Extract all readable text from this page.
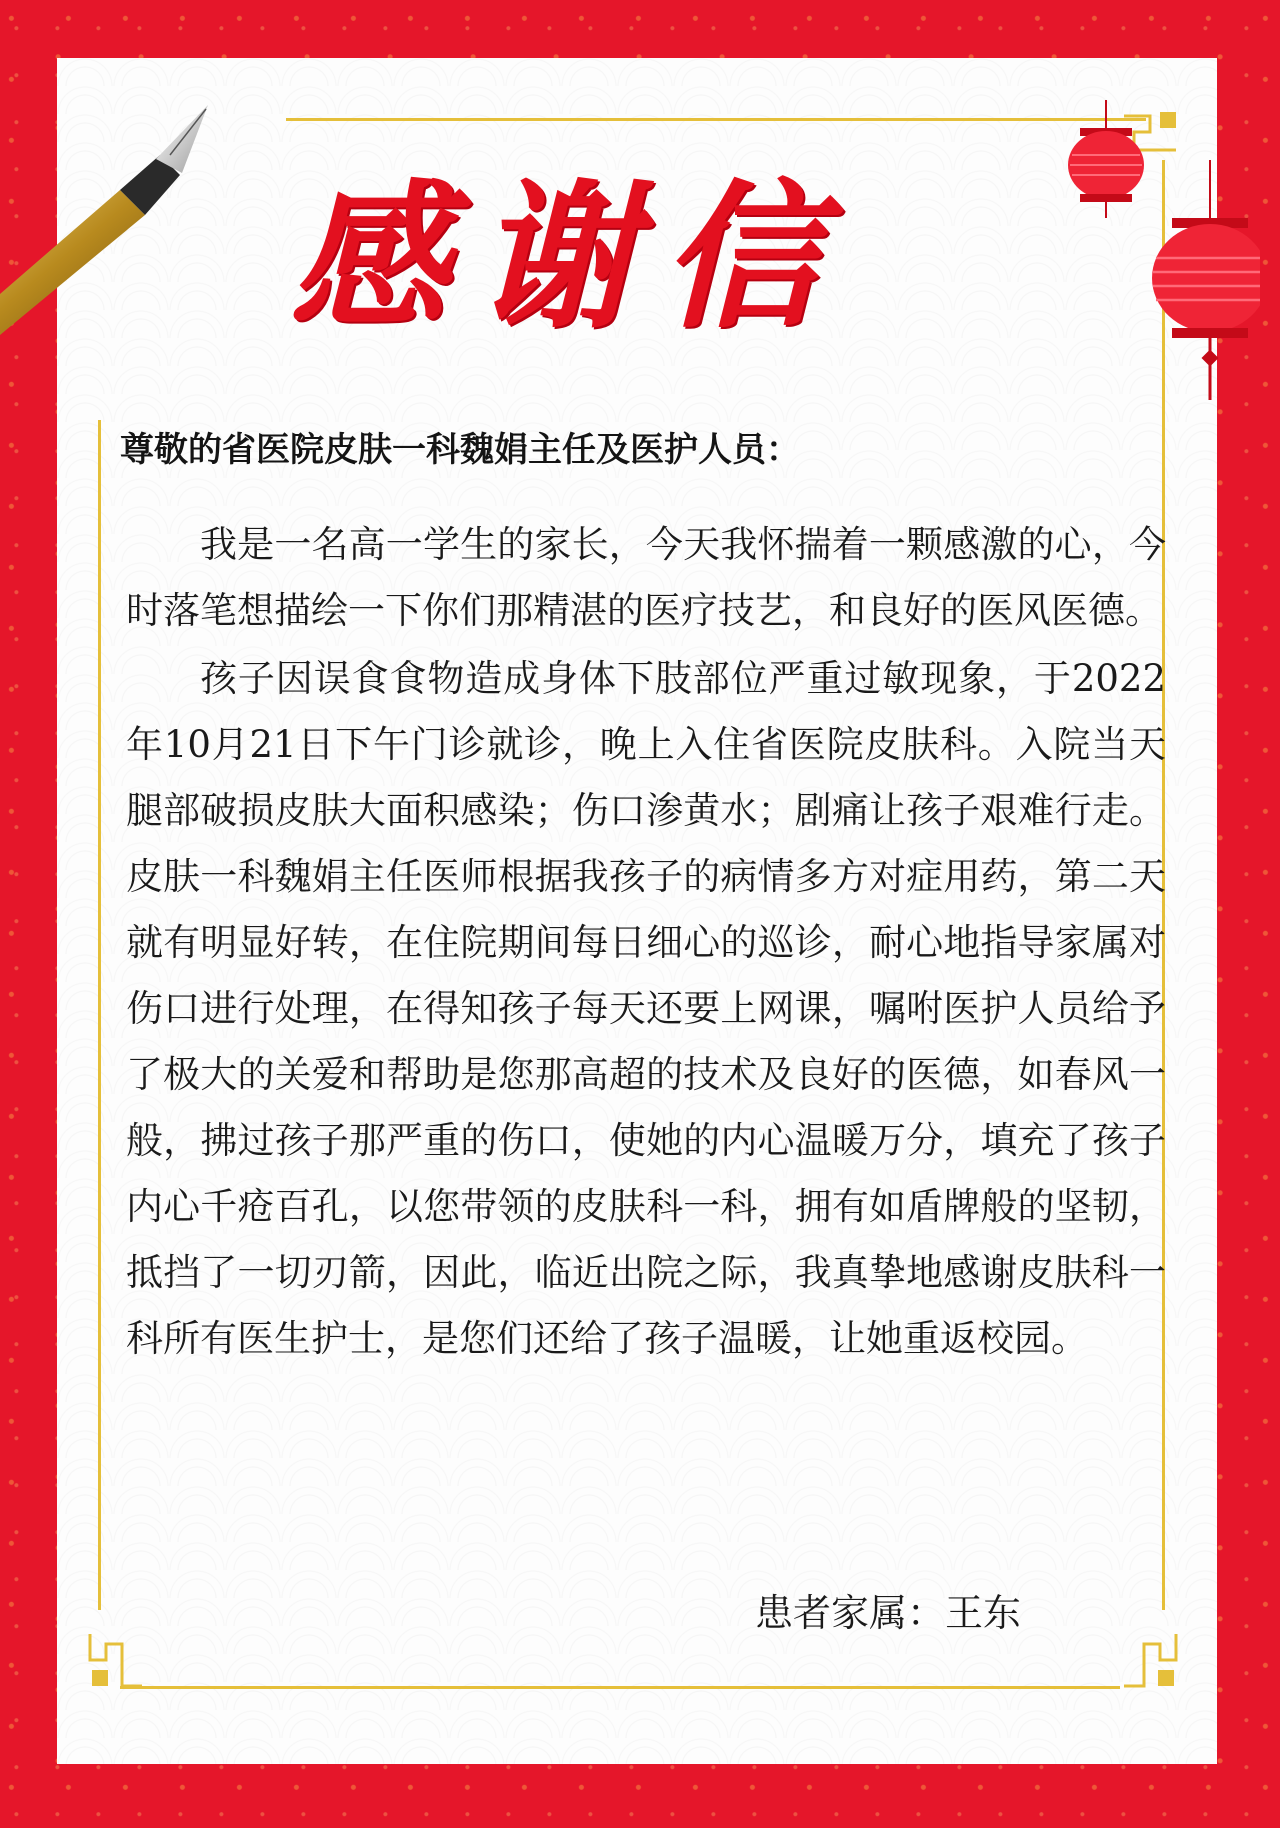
感谢信

尊敬的省医院皮肤一科魏娟主任及医护人员：

我是一名高一学生的家长，今天我怀揣着一颗感激的心，今时落笔想描绘一下你们那精湛的医疗技艺，和良好的医风医德。

孩子因误食食物造成身体下肢部位严重过敏现象，于2022年10月21日下午门诊就诊，晚上入住省医院皮肤科。入院当天腿部破损皮肤大面积感染；伤口渗黄水；剧痛让孩子艰难行走。皮肤一科魏娟主任医师根据我孩子的病情多方对症用药，第二天就有明显好转，在住院期间每日细心的巡诊，耐心地指导家属对伤口进行处理，在得知孩子每天还要上网课，嘱咐医护人员给予了极大的关爱和帮助是您那高超的技术及良好的医德，如春风一般，拂过孩子那严重的伤口，使她的内心温暖万分，填充了孩子内心千疮百孔，以您带领的皮肤科一科，拥有如盾牌般的坚韧，抵挡了一切刃箭，因此，临近出院之际，我真挚地感谢皮肤科一科所有医生护士，是您们还给了孩子温暖，让她重返校园。

患者家属：王东
